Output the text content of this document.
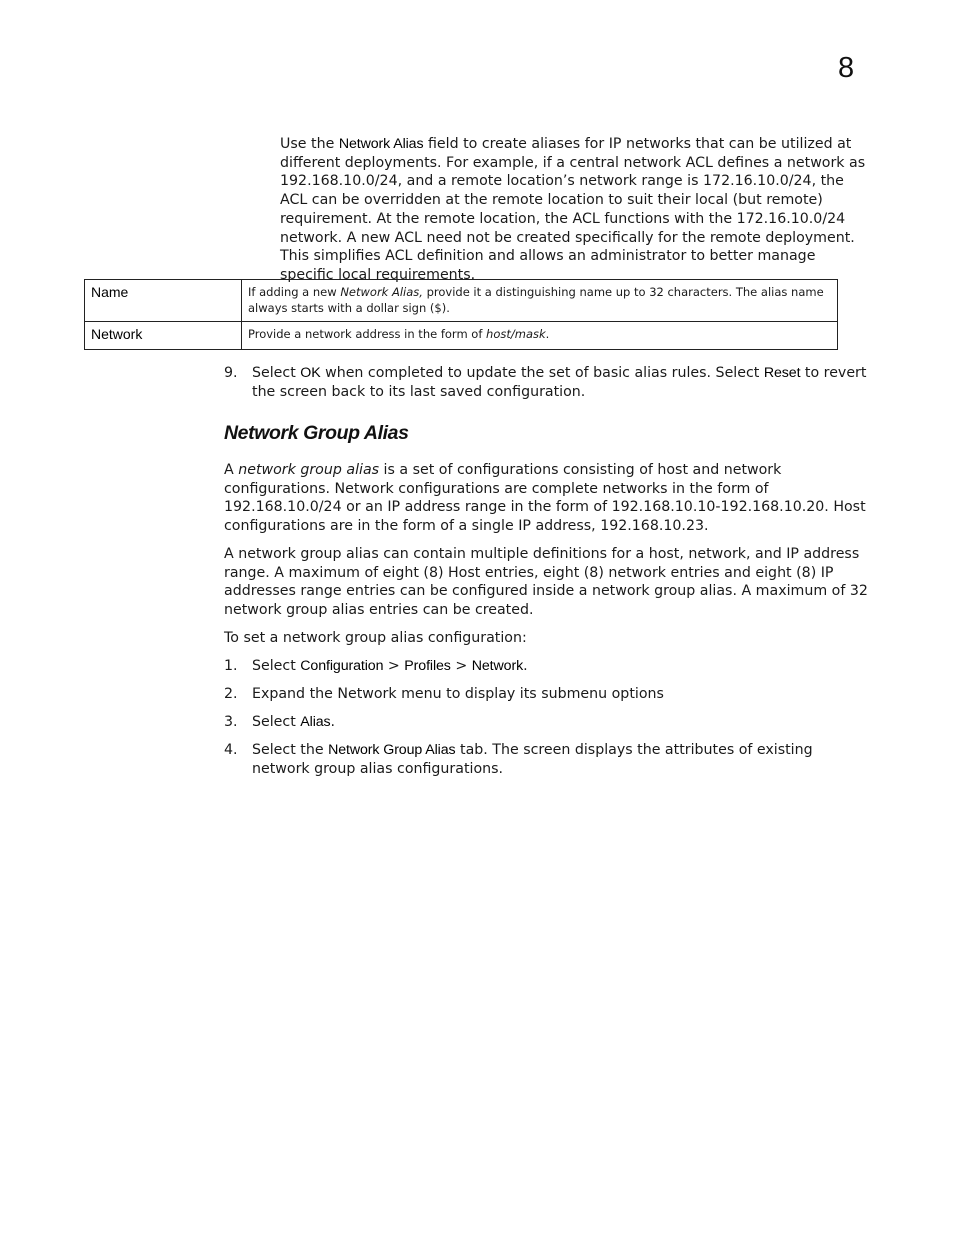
8

Use the Network Alias field to create aliases for IP networks that can be utilized at different deployments. For example, if a central network ACL defines a network as 192.168.10.0/24, and a remote location’s network range is 172.16.10.0/24, the ACL can be overridden at the remote location to suit their local (but remote) requirement. At the remote location, the ACL functions with the 172.16.10.0/24 network. A new ACL need not be created specifically for the remote deployment. This simplifies ACL definition and allows an administrator to better manage specific local requirements.

Name	If adding a new Network Alias, provide it a distinguishing name up to 32 characters. The alias name always starts with a dollar sign ($).
Network	Provide a network address in the form of host/mask.
9. Select OK when completed to update the set of basic alias rules. Select Reset to revert the screen back to its last saved configuration.
Network Group Alias

A network group alias is a set of configurations consisting of host and network configurations. Network configurations are complete networks in the form of 192.168.10.0/24 or an IP address range in the form of 192.168.10.10-192.168.10.20. Host configurations are in the form of a single IP address, 192.168.10.23.

A network group alias can contain multiple definitions for a host, network, and IP address range. A maximum of eight (8) Host entries, eight (8) network entries and eight (8) IP addresses range entries can be configured inside a network group alias. A maximum of 32 network group alias entries can be created.

To set a network group alias configuration:

1. Select Configuration > Profiles > Network.
2. Expand the Network menu to display its submenu options
3. Select Alias.
4. Select the Network Group Alias tab. The screen displays the attributes of existing network group alias configurations.
